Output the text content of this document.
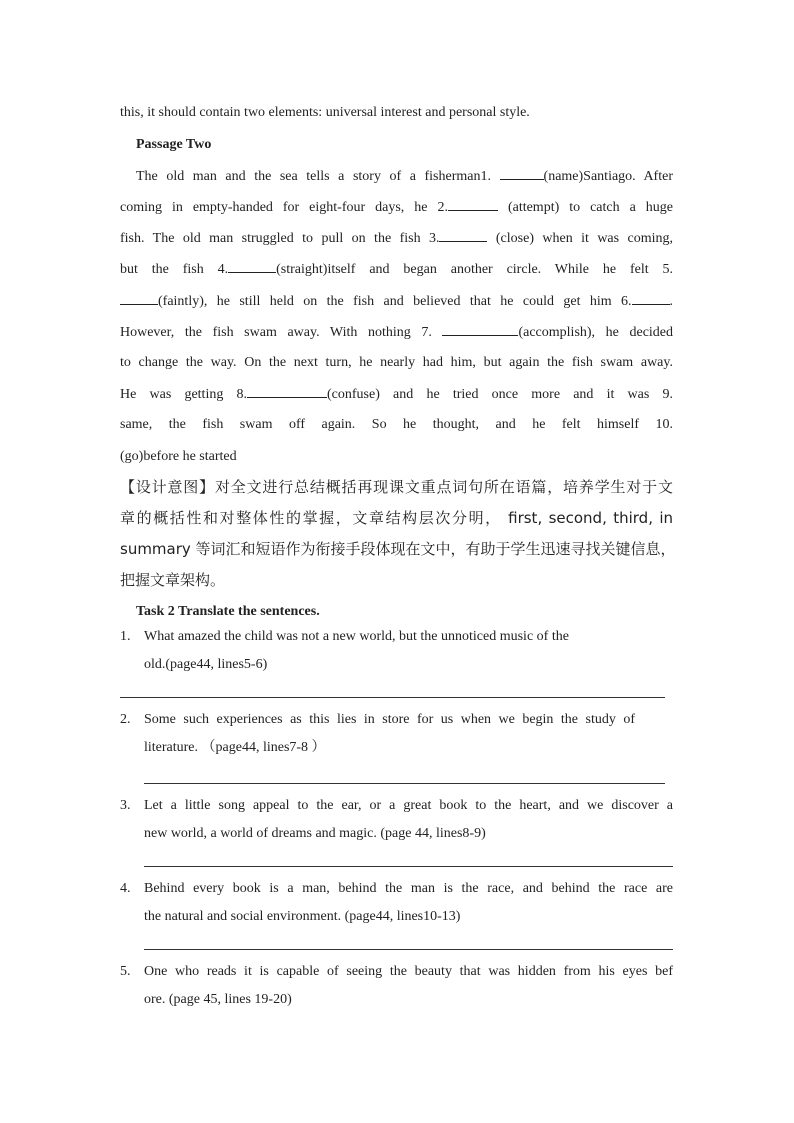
this, it should contain two elements: universal interest and personal style.
Passage Two
The old man and the sea tells a story of a fisherman1.	(name)Santiago. After
coming in empty-handed for eight-four days, he 2.	(attempt) to catch a huge
fish. The old man struggled to pull on the fish 3.	(close) when it was coming,
but the fish 4.	(straight)itself and began another circle. While he felt 5.
(faintly), he still held on the fish and believed that he could get him 6.	.
However, the fish swam away. With nothing 7.	(accomplish), he decided
to change the way. On the next turn, he nearly had him, but again the fish swam away.
He was getting 8.	(confuse) and he tried once more and it was 9.
same, the fish swam off again. So he thought, and he felt himself 10.
(go)before he started
【设计意图】对全文进行总结概括再现课文重点词句所在语篇，培养学生对于文
章的概括性和对整体性的掌握，文章结构层次分明， first, second, third, in
summary 等词汇和短语作为衔接手段体现在文中，有助于学生迅速寻找关键信息，
把握文章架构。
Task 2 Translate the sentences.
1. What amazed the child was not a new world, but the unnoticed music of the
old.(page44, lines5-6)
2. Some such experiences as this lies in store for us when we begin the study of
literature. （page44, lines7-8 ）
3. Let a little song appeal to the ear, or a great book to the heart, and we discover a
new world, a world of dreams and magic. (page 44, lines8-9)
4. Behind every book is a man, behind the man is the race, and behind the race are
the natural and social environment. (page44, lines10-13)
5. One who reads it is capable of seeing the beauty that was hidden from his eyes bef
ore. (page 45, lines 19-20)
